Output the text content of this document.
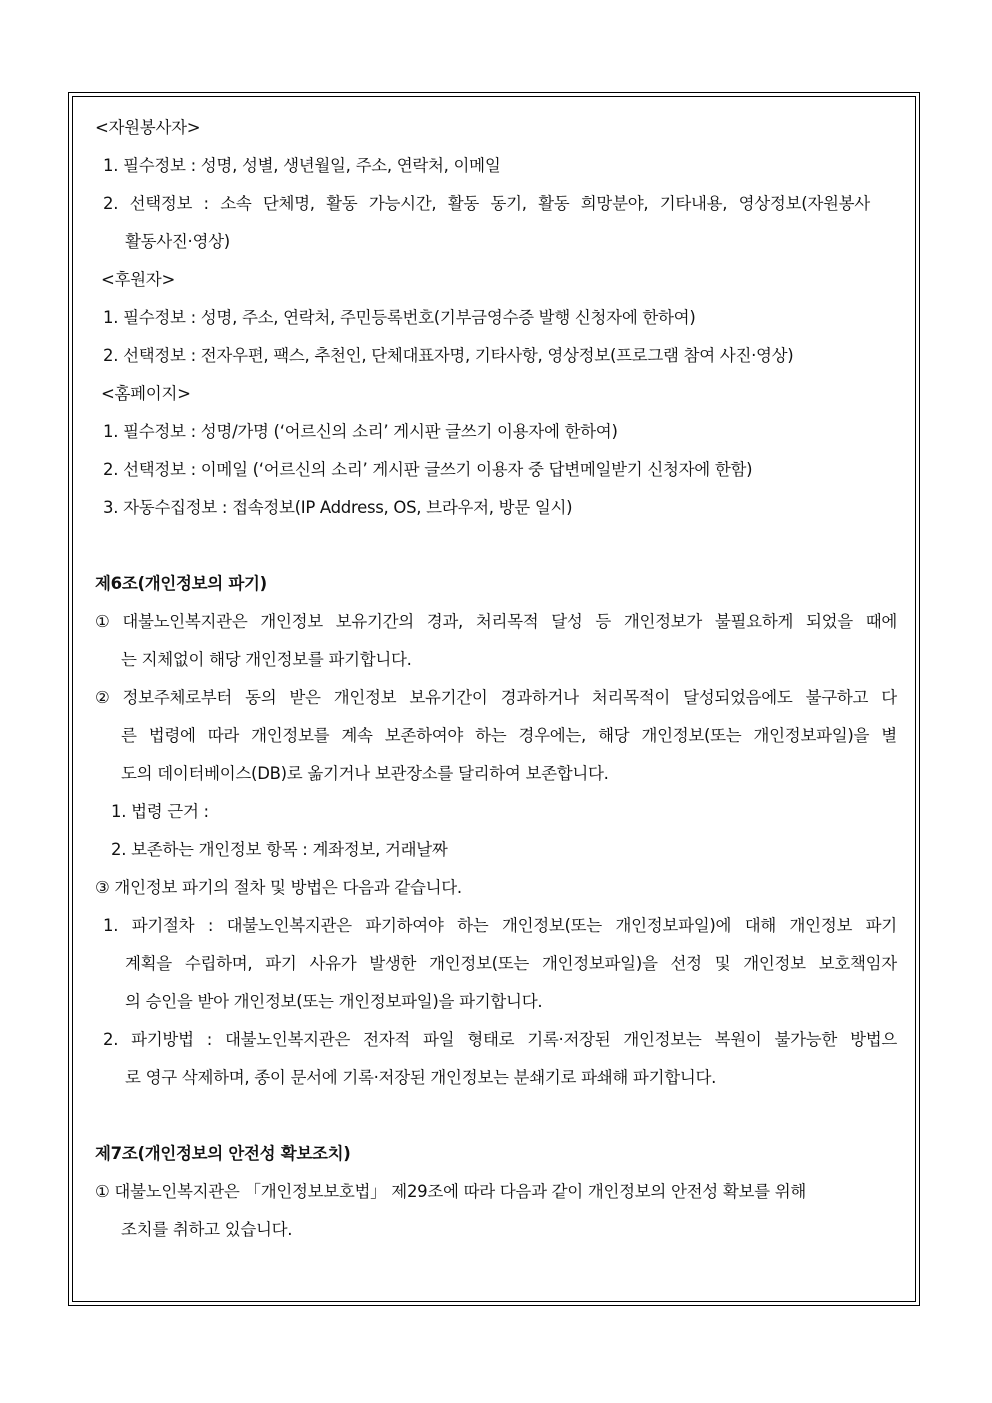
<자원봉사자>
1. 필수정보 : 성명, 성별, 생년월일, 주소, 연락처, 이메일
2. 선택정보 : 소속 단체명, 활동 가능시간, 활동 동기, 활동 희망분야, 기타내용, 영상정보(자원봉사
활동사진·영상)
<후원자>
1. 필수정보 : 성명, 주소, 연락처, 주민등록번호(기부금영수증 발행 신청자에 한하여)
2. 선택정보 : 전자우편, 팩스, 추천인, 단체대표자명, 기타사항, 영상정보(프로그램 참여 사진·영상)
<홈페이지>
1. 필수정보 : 성명/가명 (‘어르신의 소리’ 게시판 글쓰기 이용자에 한하여)
2. 선택정보 : 이메일 (‘어르신의 소리’ 게시판 글쓰기 이용자 중 답변메일받기 신청자에 한함)
3. 자동수집정보 : 접속정보(IP Address, OS, 브라우저, 방문 일시)
제6조(개인정보의 파기)
① 대불노인복지관은 개인정보 보유기간의 경과, 처리목적 달성 등 개인정보가 불필요하게 되었을 때에
는 지체없이 해당 개인정보를 파기합니다.
② 정보주체로부터 동의 받은 개인정보 보유기간이 경과하거나 처리목적이 달성되었음에도 불구하고 다
른 법령에 따라 개인정보를 계속 보존하여야 하는 경우에는, 해당 개인정보(또는 개인정보파일)을 별
도의 데이터베이스(DB)로 옮기거나 보관장소를 달리하여 보존합니다.
1. 법령 근거 :
2. 보존하는 개인정보 항목 : 계좌정보, 거래날짜
③ 개인정보 파기의 절차 및 방법은 다음과 같습니다.
1. 파기절차 : 대불노인복지관은 파기하여야 하는 개인정보(또는 개인정보파일)에 대해 개인정보 파기
계획을 수립하며, 파기 사유가 발생한 개인정보(또는 개인정보파일)을 선정 및 개인정보 보호책임자
의 승인을 받아 개인정보(또는 개인정보파일)을 파기합니다.
2. 파기방법 : 대불노인복지관은 전자적 파일 형태로 기록·저장된 개인정보는 복원이 불가능한 방법으
로 영구 삭제하며, 종이 문서에 기록·저장된 개인정보는 분쇄기로 파쇄해 파기합니다.
제7조(개인정보의 안전성 확보조치)
① 대불노인복지관은 「개인정보보호법」 제29조에 따라 다음과 같이 개인정보의 안전성 확보를 위해
조치를 취하고 있습니다.
